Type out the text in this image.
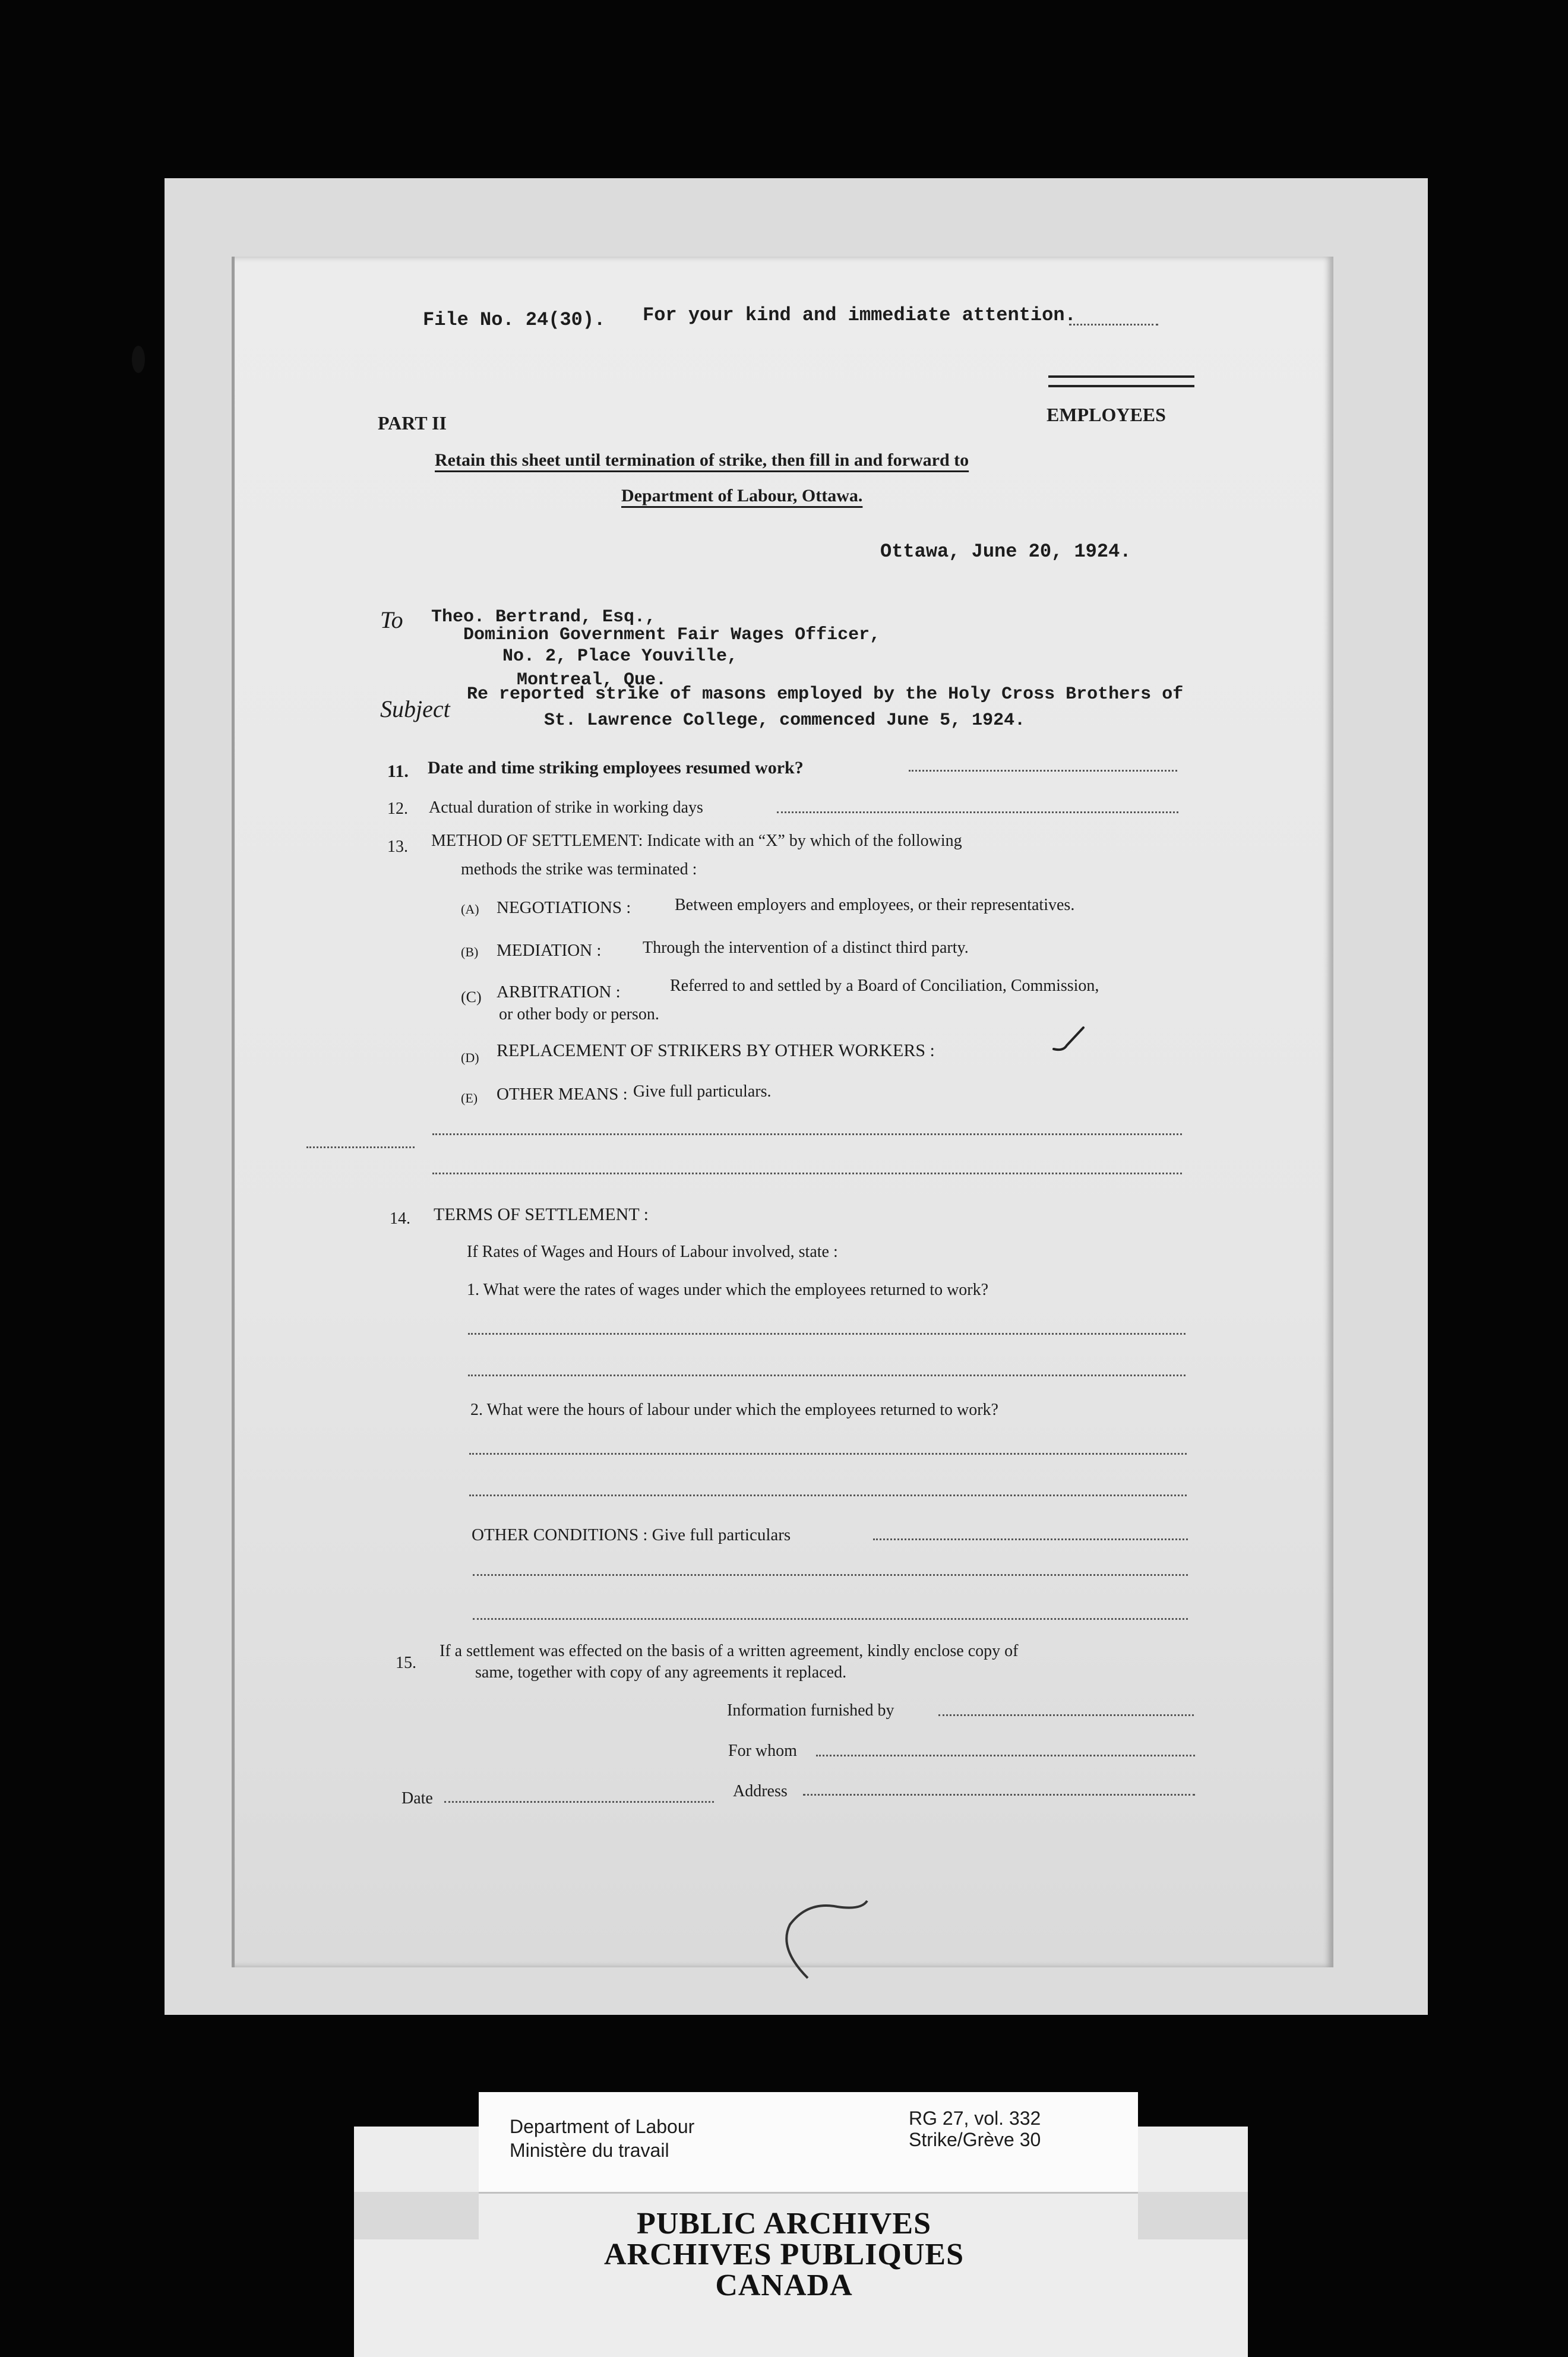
File No. 24(30). For your kind and immediate attention.
PART II	EMPLOYEES
Retain this sheet until termination of strike, then fill in and forward to
Department of Labour, Ottawa.
Ottawa, June 20, 1924.
To Theo. Bertrand, Esq.,
Dominion Government Fair Wages Officer,
No. 2, Place Youville,
Montreal, Que.
Subject
Re reported strike of masons employed by the Holy Cross Brothers of
St. Lawrence College, commenced June 5, 1924.
11. Date and time striking employees resumed work?
12. Actual duration of strike in working days
13. METHOD OF SETTLEMENT: Indicate with an “X” by which of the following
methods the strike was terminated :
(A) NEGOTIATIONS :	Between employers and employees, or their representatives.
(B) MEDIATION : Through the intervention of a distinct third party.
(C) ARBITRATION :	Referred to and settled by a Board of Conciliation, Commission,
or other body or person.
(D) REPLACEMENT OF STRIKERS BY OTHER WORKERS :
(E) OTHER MEANS : Give full particulars.
14. TERMS OF SETTLEMENT :
If Rates of Wages and Hours of Labour involved, state :
1. What were the rates of wages under which the employees returned to work?
2. What were the hours of labour under which the employees returned to work?
OTHER CONDITIONS : Give full particulars
15.
If a settlement was effected on the basis of a written agreement, kindly enclose copy of
same, together with copy of any agreements it replaced.
Information furnished by
For whom
Date	Address
Department of Labour
Ministère du travail
RG 27, vol. 332
Strike/Grève 30
PUBLIC ARCHIVES
ARCHIVES PUBLIQUES
CANADA
